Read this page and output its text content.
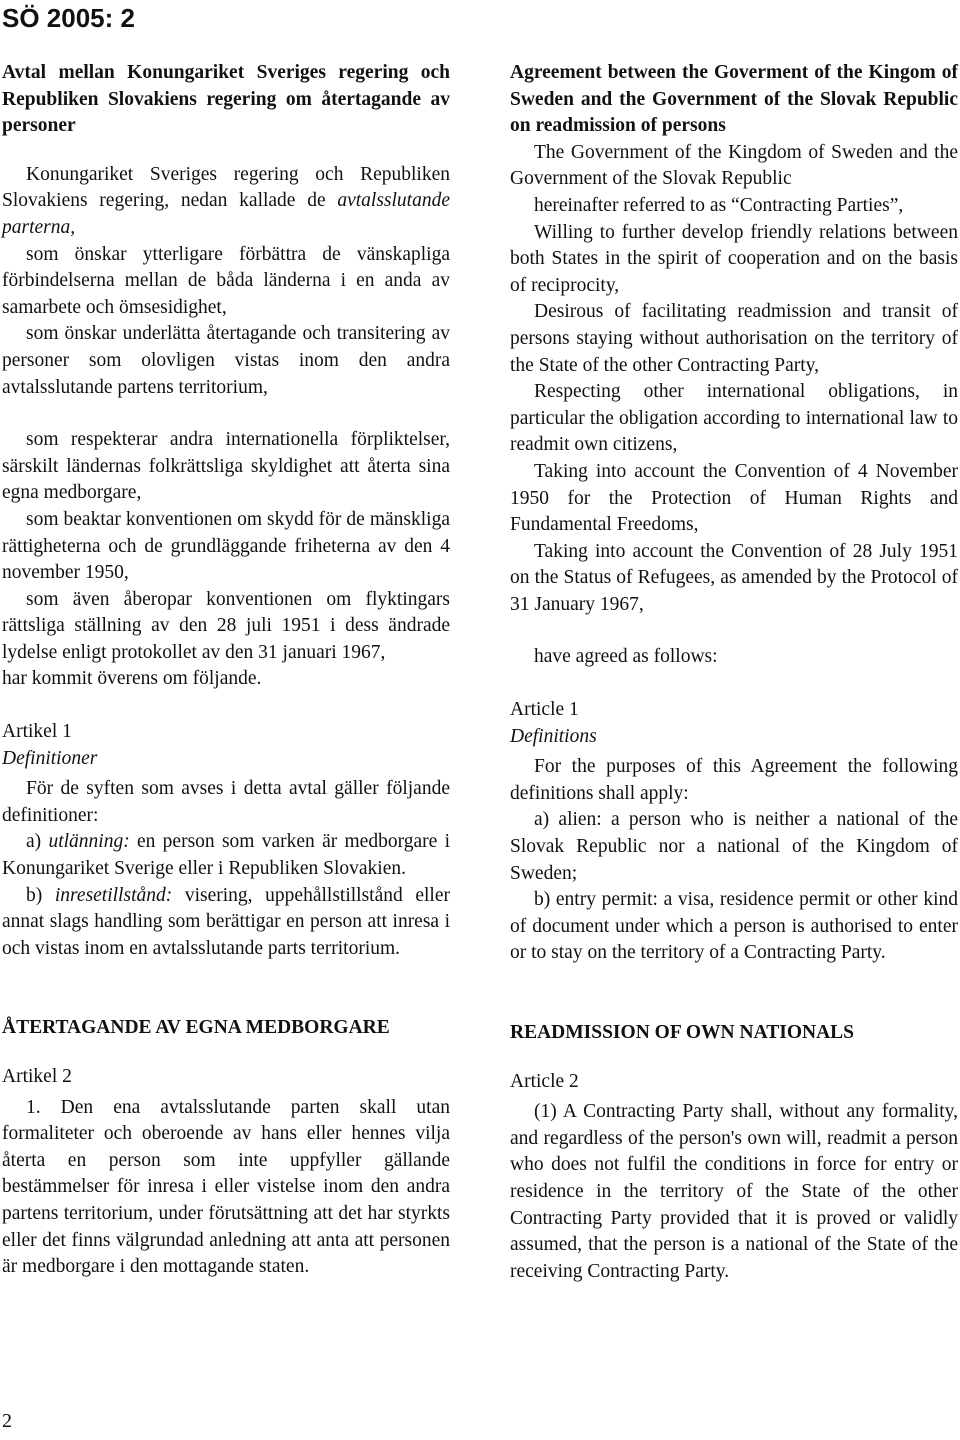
SÖ 2005: 2

Avtal mellan Konungariket Sveriges regering och Republiken Slovakiens regering om återtagande av personer

Konungariket Sveriges regering och Republiken Slovakiens regering, nedan kallade de avtalsslutande parterna,

som önskar ytterligare förbättra de vänskapliga förbindelserna mellan de båda länderna i en anda av samarbete och ömsesidighet,

som önskar underlätta återtagande och transitering av personer som olovligen vistas inom den andra avtalsslutande partens territorium,

som respekterar andra internationella förpliktelser, särskilt ländernas folkrättsliga skyldighet att återta sina egna medborgare,

som beaktar konventionen om skydd för de mänskliga rättigheterna och de grundläggande friheterna av den 4 november 1950,

som även åberopar konventionen om flyktingars rättsliga ställning av den 28 juli 1951 i dess ändrade lydelse enligt protokollet av den 31 januari 1967,

har kommit överens om följande.

Artikel 1

Definitioner

För de syften som avses i detta avtal gäller följande definitioner:

a) utlänning: en person som varken är medborgare i Konungariket Sverige eller i Republiken Slovakien.

b) inresetillstånd: visering, uppehållstillstånd eller annat slags handling som berättigar en person att inresa i och vistas inom en avtalsslutande parts territorium.

ÅTERTAGANDE AV EGNA MEDBORGARE

Artikel 2

1. Den ena avtalsslutande parten skall utan formaliteter och oberoende av hans eller hennes vilja återta en person som inte uppfyller gällande bestämmelser för inresa i eller vistelse inom den andra partens territorium, under förutsättning att det har styrkts eller det finns välgrundad anledning att anta att personen är medborgare i den mottagande staten.

Agreement between the Goverment of the Kingom of Sweden and the Government of the Slovak Republic on readmission of persons

The Government of the Kingdom of Sweden and the Government of the Slovak Republic

hereinafter referred to as “Contracting Parties”,

Willing to further develop friendly relations between both States in the spirit of cooperation and on the basis of reciprocity,

Desirous of facilitating readmission and transit of persons staying without authorisation on the territory of the State of the other Contracting Party,

Respecting other international obligations, in particular the obligation according to international law to readmit own citizens,

Taking into account the Convention of 4 November 1950 for the Protection of Human Rights and Fundamental Freedoms,

Taking into account the Convention of 28 July 1951 on the Status of Refugees, as amended by the Protocol of 31 January 1967,

have agreed as follows:

Article 1

Definitions

For the purposes of this Agreement the following definitions shall apply:

a) alien: a person who is neither a national of the Slovak Republic nor a national of the Kingdom of Sweden;

b) entry permit: a visa, residence permit or other kind of document under which a person is authorised to enter or to stay on the territory of a Contracting Party.

READMISSION OF OWN NATIONALS

Article 2

(1) A Contracting Party shall, without any formality, and regardless of the person's own will, readmit a person who does not fulfil the conditions in force for entry or residence in the territory of the State of the other Contracting Party provided that it is proved or validly assumed, that the person is a national of the State of the receiving Contracting Party.

2
